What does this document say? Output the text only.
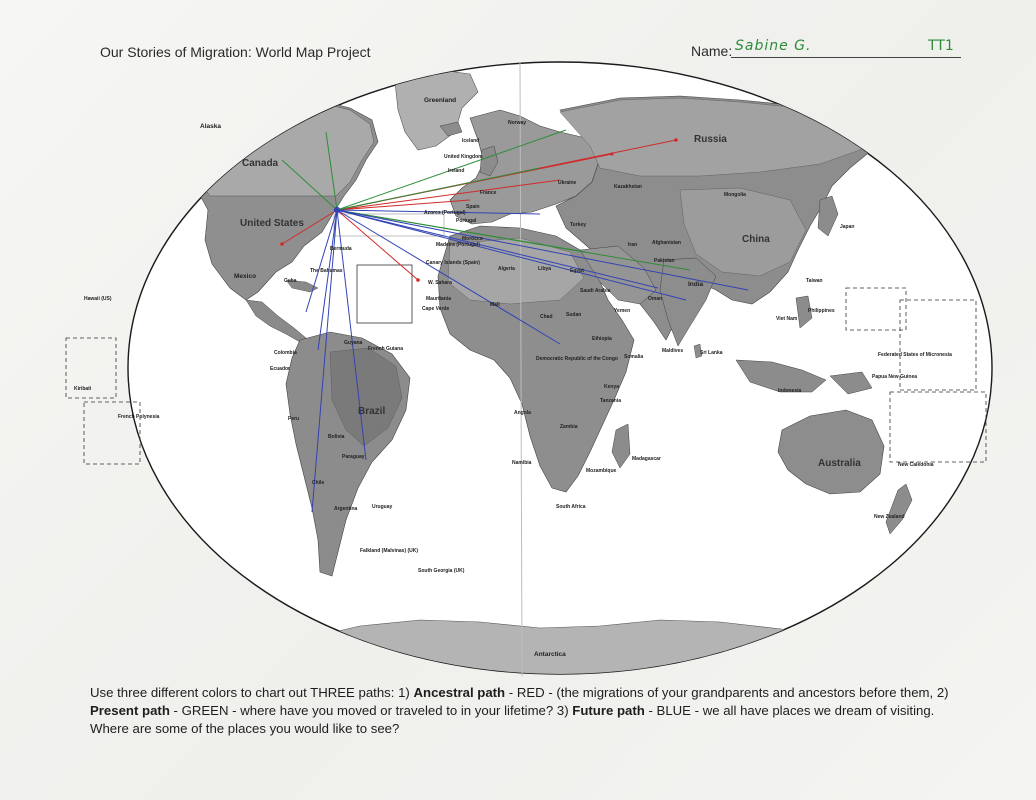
Our Stories of Migration: World Map Project	Name: Sabine G.	TT1
Greenland
Alaska
Canada
United States
Mexico
Cuba
Hawaii (US)
Iceland
Ireland
United Kingdom
Norway
France
Spain
Portugal
Morocco
W. Sahara
Mauritania
Mali
Algeria	Libya	Egypt
Chad	Sudan
Ethiopia
Somalia
Kenya
Tanzania
Angola
Namibia
South Africa
Mozambique
Zambia
Democratic Republic of the Congo
Turkey
Ukraine
Russia
Kazakhstan
Mongolia
China
India
Iran
Oman
Yemen
Japan
Philippines
Indonesia
Australia
New Zealand
Colombia
Ecuador
Peru
Brazil
Bolivia
Paraguay
Chile
Argentina	Uruguay
Antarctica
New Caledonia
French Polynesia
Kiribati
Falkland (Malvinas) (UK)
South Georgia (UK)
Madagascar
Sri Lanka
Saudi Arabia
Afghanistan
Pakistan
Viet Nam
Taiwan
Federated States of Micronesia
Papua New Guinea
Guyana
French Guiana
Bermuda
The Bahamas
Cape Verde
Maldives
Azores (Portugal)
Madeira (Portugal)
Canary Islands (Spain)
Use three different colors to chart out THREE paths: 1) Ancestral path - RED - (the migrations of your grandparents and ancestors before them, 2) Present path - GREEN - where have you moved or traveled to in your lifetime? 3) Future path - BLUE - we all have places we dream of visiting. Where are some of the places you would like to see?
